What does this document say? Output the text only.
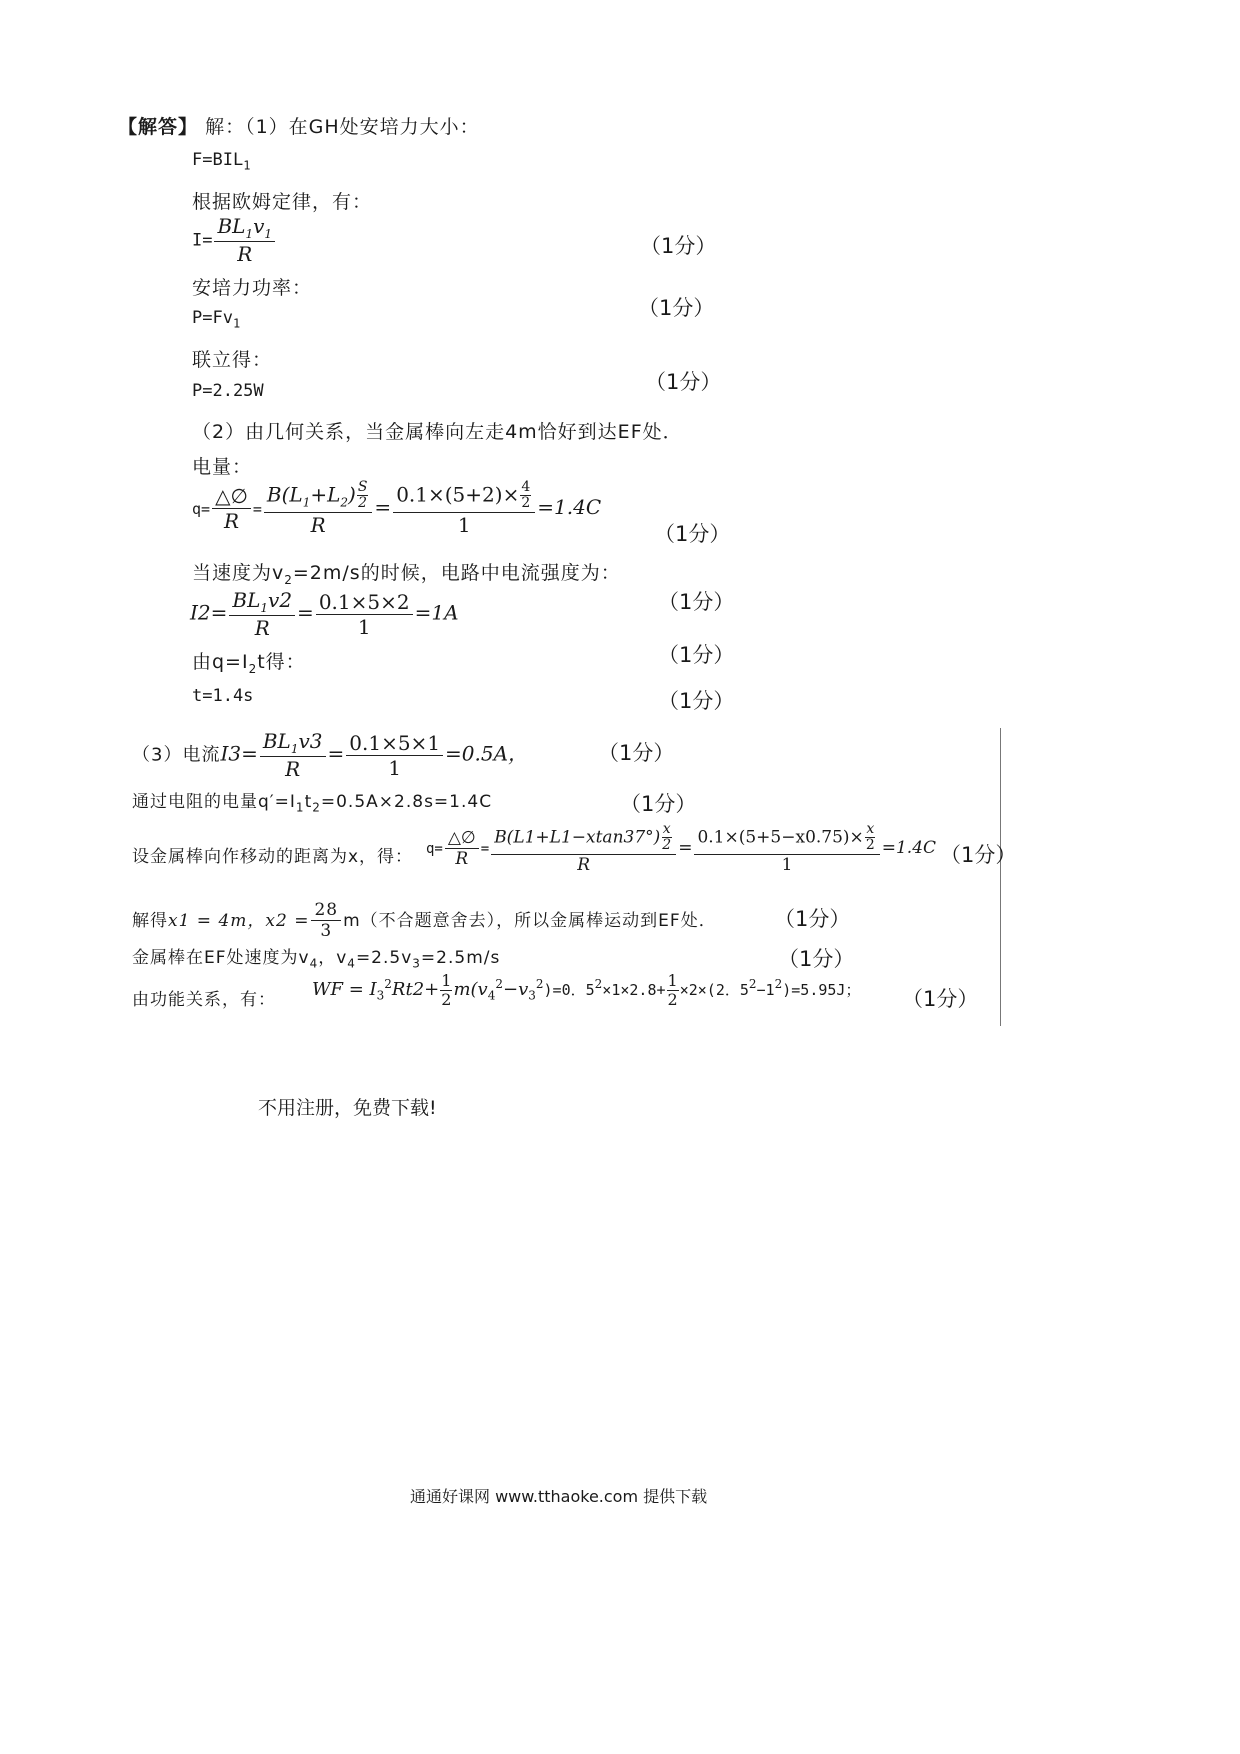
【解答】 解：（1）在GH处安培力大小：
$F=BIL_1$
根据欧姆定律，有：
$I= \frac{BL_1v_1}{R}$
安培力功率：
$P=Fv_1$
联立得：
P=2.25W
（1分）
（1分）
（1分）
（2）由几何关系，当金属棒向左走4m恰好到达EF处．
电量：
$q= \frac{\triangle\emptyset}{R} = \frac{B(L_1+L_2) \frac{S}{2}}{R} = \frac{0.1\times(5+2)\times \frac{4}{2}}{1} =1.4C$
（1分）
当速度为$v_2=2m/s$的时候，电路中电流强度为：
$I2= \frac{BL_1v2}{R} = \frac{0.1\times 5\times 2}{1} =1A$	（1分）
由$q=I_2t$得：	（1分）
t=1.4s	（1分）
（3）电流$I3= \frac{BL_1v3}{R} = \frac{0.1\times 5\times 1}{1} =0.5A$，	（1分）
通过电阻的电量$q'=I_1t_2=0.5A\times 2.8s=1.4C$	（1分）
设金属棒向作移动的距离为x，得： $q= \frac{\triangle\emptyset}{R} = \frac{B(L1+L1-xtan37^\circ) \frac{x}{2}}{R} = \frac{0.1\times(5+5-x0.75)\times \frac{x}{2}}{1} =1.4C$ （1分）
解得x1 = 4m，$x2 = \frac{28}{3} m$（不合题意舍去），所以金属棒运动到EF处．	（1分）
金属棒在EF处速度为$v_4$，$v_4=2.5v_3=2.5m/s$	（1分）
由功能关系，有： WF = $I_3^2Rt2+ \frac{1}{2} m(v_4^2-v_3^2)=0$．$5^2\times 1\times 2.8+ \frac{1}{2} \times 2\times(2$．$5^2-1^2)=5.95J$； （1分）
不用注册，免费下载!
通通好课网 www.tthaoke.com 提供下载
